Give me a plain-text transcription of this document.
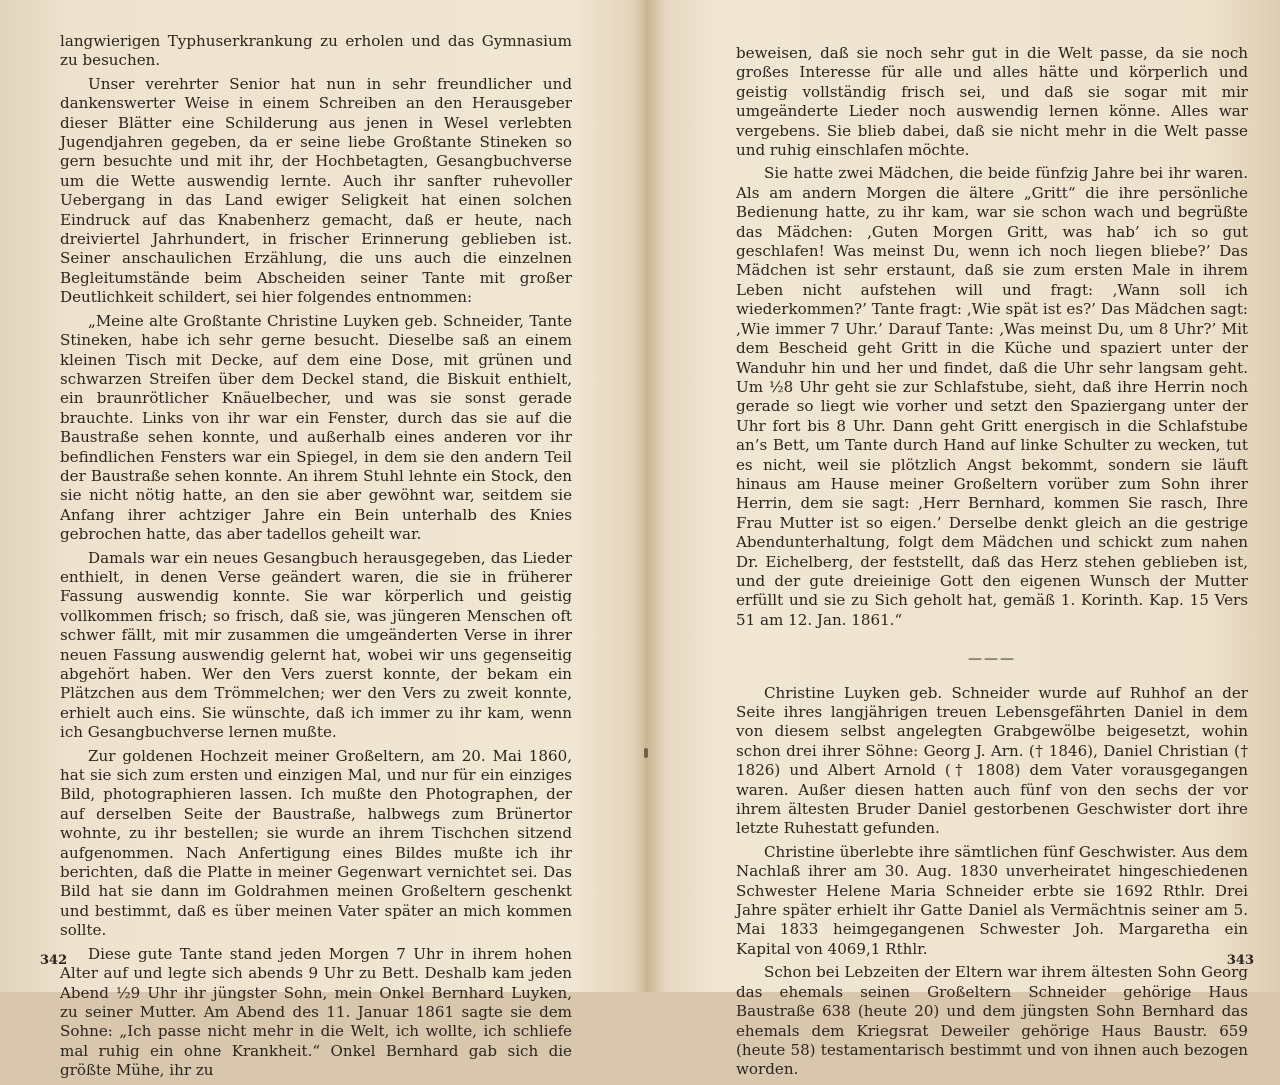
langwierigen Typhuserkrankung zu erholen und das Gymnasium zu besuchen.

Unser verehrter Senior hat nun in sehr freundlicher und dankenswerter Weise in einem Schreiben an den Herausgeber dieser Blätter eine Schilderung aus jenen in Wesel verlebten Jugendjahren gegeben, da er seine liebe Großtante Stineken so gern besuchte und mit ihr, der Hochbetagten, Gesangbuchverse um die Wette auswendig lernte. Auch ihr sanfter ruhevoller Uebergang in das Land ewiger Seligkeit hat einen solchen Eindruck auf das Knabenherz gemacht, daß er heute, nach dreiviertel Jahrhundert, in frischer Erinnerung geblieben ist. Seiner anschaulichen Erzählung, die uns auch die einzelnen Begleitumstände beim Abscheiden seiner Tante mit großer Deutlichkeit schildert, sei hier folgendes entnommen:

„Meine alte Großtante Christine Luyken geb. Schneider, Tante Stineken, habe ich sehr gerne besucht. Dieselbe saß an einem kleinen Tisch mit Decke, auf dem eine Dose, mit grünen und schwarzen Streifen über dem Deckel stand, die Biskuit enthielt, ein braunrötlicher Knäuelbecher, und was sie sonst gerade brauchte. Links von ihr war ein Fenster, durch das sie auf die Baustraße sehen konnte, und außerhalb eines anderen vor ihr befindlichen Fensters war ein Spiegel, in dem sie den andern Teil der Baustraße sehen konnte. An ihrem Stuhl lehnte ein Stock, den sie nicht nötig hatte, an den sie aber gewöhnt war, seitdem sie Anfang ihrer achtziger Jahre ein Bein unterhalb des Knies gebrochen hatte, das aber tadellos geheilt war.

Damals war ein neues Gesangbuch herausgegeben, das Lieder enthielt, in denen Verse geändert waren, die sie in früherer Fassung auswendig konnte. Sie war körperlich und geistig vollkommen frisch; so frisch, daß sie, was jüngeren Menschen oft schwer fällt, mit mir zusammen die umgeänderten Verse in ihrer neuen Fassung auswendig gelernt hat, wobei wir uns gegenseitig abgehört haben. Wer den Vers zuerst konnte, der bekam ein Plätzchen aus dem Trömmelchen; wer den Vers zu zweit konnte, erhielt auch eins. Sie wünschte, daß ich immer zu ihr kam, wenn ich Gesangbuchverse lernen mußte.

Zur goldenen Hochzeit meiner Großeltern, am 20. Mai 1860, hat sie sich zum ersten und einzigen Mal, und nur für ein einziges Bild, photographieren lassen. Ich mußte den Photographen, der auf derselben Seite der Baustraße, halbwegs zum Brünertor wohnte, zu ihr bestellen; sie wurde an ihrem Tischchen sitzend aufgenommen. Nach Anfertigung eines Bildes mußte ich ihr berichten, daß die Platte in meiner Gegenwart vernichtet sei. Das Bild hat sie dann im Goldrahmen meinen Großeltern geschenkt und bestimmt, daß es über meinen Vater später an mich kommen sollte.

Diese gute Tante stand jeden Morgen 7 Uhr in ihrem hohen Alter auf und legte sich abends 9 Uhr zu Bett. Deshalb kam jeden Abend ½9 Uhr ihr jüngster Sohn, mein Onkel Bernhard Luyken, zu seiner Mutter. Am Abend des 11. Januar 1861 sagte sie dem Sohne: „Ich passe nicht mehr in die Welt, ich wollte, ich schliefe mal ruhig ein ohne Krankheit.“ Onkel Bernhard gab sich die größte Mühe, ihr zu

342

beweisen, daß sie noch sehr gut in die Welt passe, da sie noch großes Interesse für alle und alles hätte und körperlich und geistig vollständig frisch sei, und daß sie sogar mit mir umgeänderte Lieder noch auswendig lernen könne. Alles war vergebens. Sie blieb dabei, daß sie nicht mehr in die Welt passe und ruhig einschlafen möchte.

Sie hatte zwei Mädchen, die beide fünfzig Jahre bei ihr waren. Als am andern Morgen die ältere „Gritt“ die ihre persönliche Bedienung hatte, zu ihr kam, war sie schon wach und begrüßte das Mädchen: ‚Guten Morgen Gritt, was hab’ ich so gut geschlafen! Was meinst Du, wenn ich noch liegen bliebe?’ Das Mädchen ist sehr erstaunt, daß sie zum ersten Male in ihrem Leben nicht aufstehen will und fragt: ‚Wann soll ich wiederkommen?’ Tante fragt: ‚Wie spät ist es?’ Das Mädchen sagt: ‚Wie immer 7 Uhr.’ Darauf Tante: ‚Was meinst Du, um 8 Uhr?’ Mit dem Bescheid geht Gritt in die Küche und spaziert unter der Wanduhr hin und her und findet, daß die Uhr sehr langsam geht. Um ½8 Uhr geht sie zur Schlafstube, sieht, daß ihre Herrin noch gerade so liegt wie vorher und setzt den Spaziergang unter der Uhr fort bis 8 Uhr. Dann geht Gritt energisch in die Schlafstube an’s Bett, um Tante durch Hand auf linke Schulter zu wecken, tut es nicht, weil sie plötzlich Angst bekommt, sondern sie läuft hinaus am Hause meiner Großeltern vorüber zum Sohn ihrer Herrin, dem sie sagt: ‚Herr Bernhard, kommen Sie rasch, Ihre Frau Mutter ist so eigen.’ Derselbe denkt gleich an die gestrige Abendunterhaltung, folgt dem Mädchen und schickt zum nahen Dr. Eichelberg, der feststellt, daß das Herz stehen geblieben ist, und der gute dreieinige Gott den eigenen Wunsch der Mutter erfüllt und sie zu Sich geholt hat, gemäß 1. Korinth. Kap. 15 Vers 51 am 12. Jan. 1861.“

———

Christine Luyken geb. Schneider wurde auf Ruhhof an der Seite ihres langjährigen treuen Lebensgefährten Daniel in dem von diesem selbst angelegten Grabgewölbe beigesetzt, wohin schon drei ihrer Söhne: Georg J. Arn. († 1846), Daniel Christian († 1826) und Albert Arnold († 1808) dem Vater vorausgegangen waren. Außer diesen hatten auch fünf von den sechs der vor ihrem ältesten Bruder Daniel gestorbenen Geschwister dort ihre letzte Ruhestatt gefunden.

Christine überlebte ihre sämtlichen fünf Geschwister. Aus dem Nachlaß ihrer am 30. Aug. 1830 unverheiratet hingeschiedenen Schwester Helene Maria Schneider erbte sie 1692 Rthlr. Drei Jahre später erhielt ihr Gatte Daniel als Vermächtnis seiner am 5. Mai 1833 heimgegangenen Schwester Joh. Margaretha ein Kapital von 4069,1 Rthlr.

Schon bei Lebzeiten der Eltern war ihrem ältesten Sohn Georg das ehemals seinen Großeltern Schneider gehörige Haus Baustraße 638 (heute 20) und dem jüngsten Sohn Bernhard das ehemals dem Kriegsrat Deweiler gehörige Haus Baustr. 659 (heute 58) testamentarisch bestimmt und von ihnen auch bezogen worden.

343
